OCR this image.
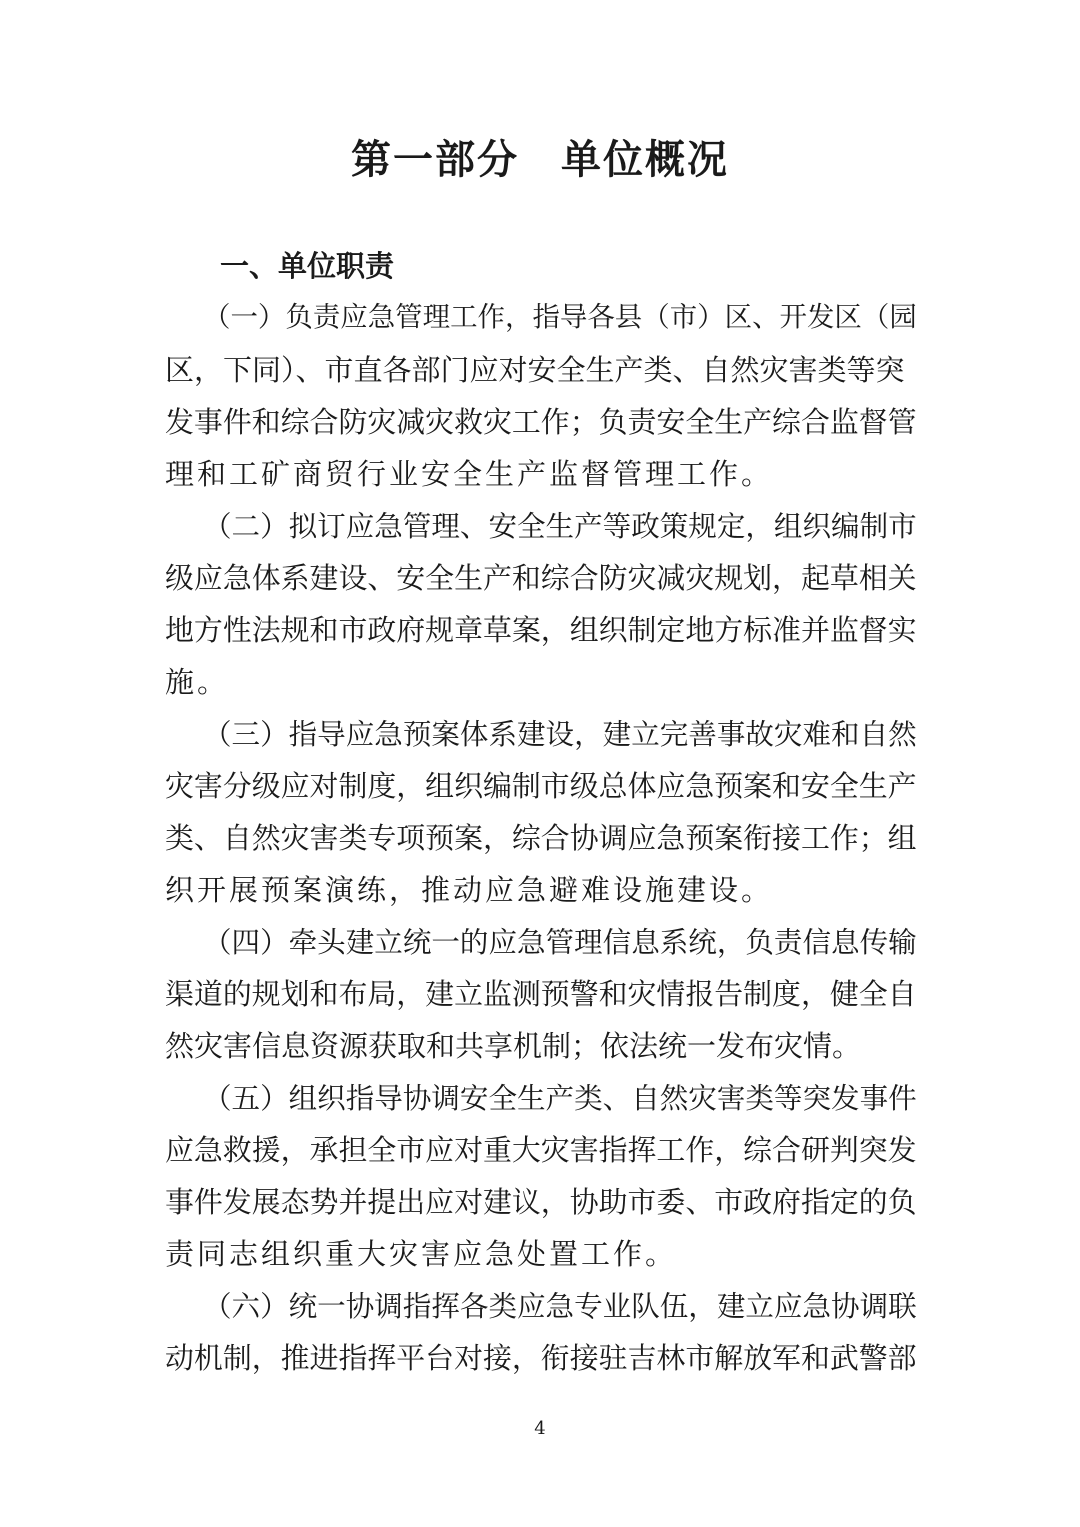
第一部分　单位概况
一、单位职责
（一）负责应急管理工作，指导各县（市）区、开发区（园
区，下同）、市直各部门应对安全生产类、自然灾害类等突
发事件和综合防灾减灾救灾工作；负责安全生产综合监督管
理和工矿商贸行业安全生产监督管理工作。
（二）拟订应急管理、安全生产等政策规定，组织编制市
级应急体系建设、安全生产和综合防灾减灾规划，起草相关
地方性法规和市政府规章草案，组织制定地方标准并监督实
施。
（三）指导应急预案体系建设，建立完善事故灾难和自然
灾害分级应对制度，组织编制市级总体应急预案和安全生产
类、自然灾害类专项预案，综合协调应急预案衔接工作；组
织开展预案演练，推动应急避难设施建设。
（四）牵头建立统一的应急管理信息系统，负责信息传输
渠道的规划和布局，建立监测预警和灾情报告制度，健全自
然灾害信息资源获取和共享机制；依法统一发布灾情。
（五）组织指导协调安全生产类、自然灾害类等突发事件
应急救援，承担全市应对重大灾害指挥工作，综合研判突发
事件发展态势并提出应对建议，协助市委、市政府指定的负
责同志组织重大灾害应急处置工作。
（六）统一协调指挥各类应急专业队伍，建立应急协调联
动机制，推进指挥平台对接，衔接驻吉林市解放军和武警部

4
